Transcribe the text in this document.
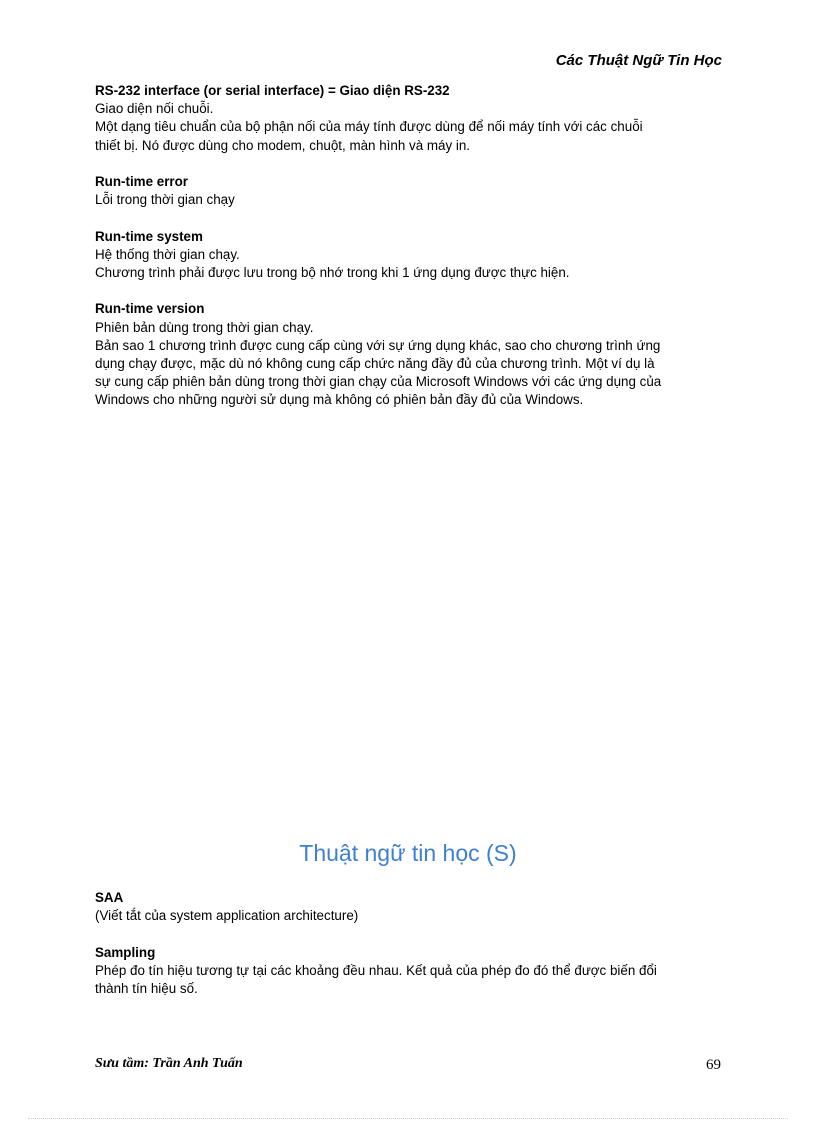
Các Thuật Ngữ Tin Học
RS-232 interface (or serial interface) = Giao diện RS-232
Giao diện nối chuỗi.
Một dạng tiêu chuẩn của bộ phận nối của máy tính được dùng để nối máy tính với các chuỗi
thiết bị. Nó được dùng cho modem, chuột, màn hình và máy in.
Run-time error
Lỗi trong thời gian chạy
Run-time system
Hệ thống thời gian chạy.
Chương trình phải được lưu trong bộ nhớ trong khi 1 ứng dụng được thực hiện.
Run-time version
Phiên bản dùng trong thời gian chạy.
Bản sao 1 chương trình được cung cấp cùng với sự ứng dụng khác, sao cho chương trình ứng
dụng chạy được, mặc dù nó không cung cấp chức năng đầy đủ của chương trình. Một ví dụ là
sự cung cấp phiên bản dùng trong thời gian chạy của Microsoft Windows với các ứng dụng của
Windows cho những người sử dụng mà không có phiên bản đầy đủ của Windows.
Thuật ngữ tin học (S)
SAA
(Viết tắt của system application architecture)
Sampling
Phép đo tín hiệu tương tự tại các khoảng đều nhau. Kết quả của phép đo đó thể được biến đổi
thành tín hiệu số.
Sưu tầm: Trần Anh Tuấn	69
